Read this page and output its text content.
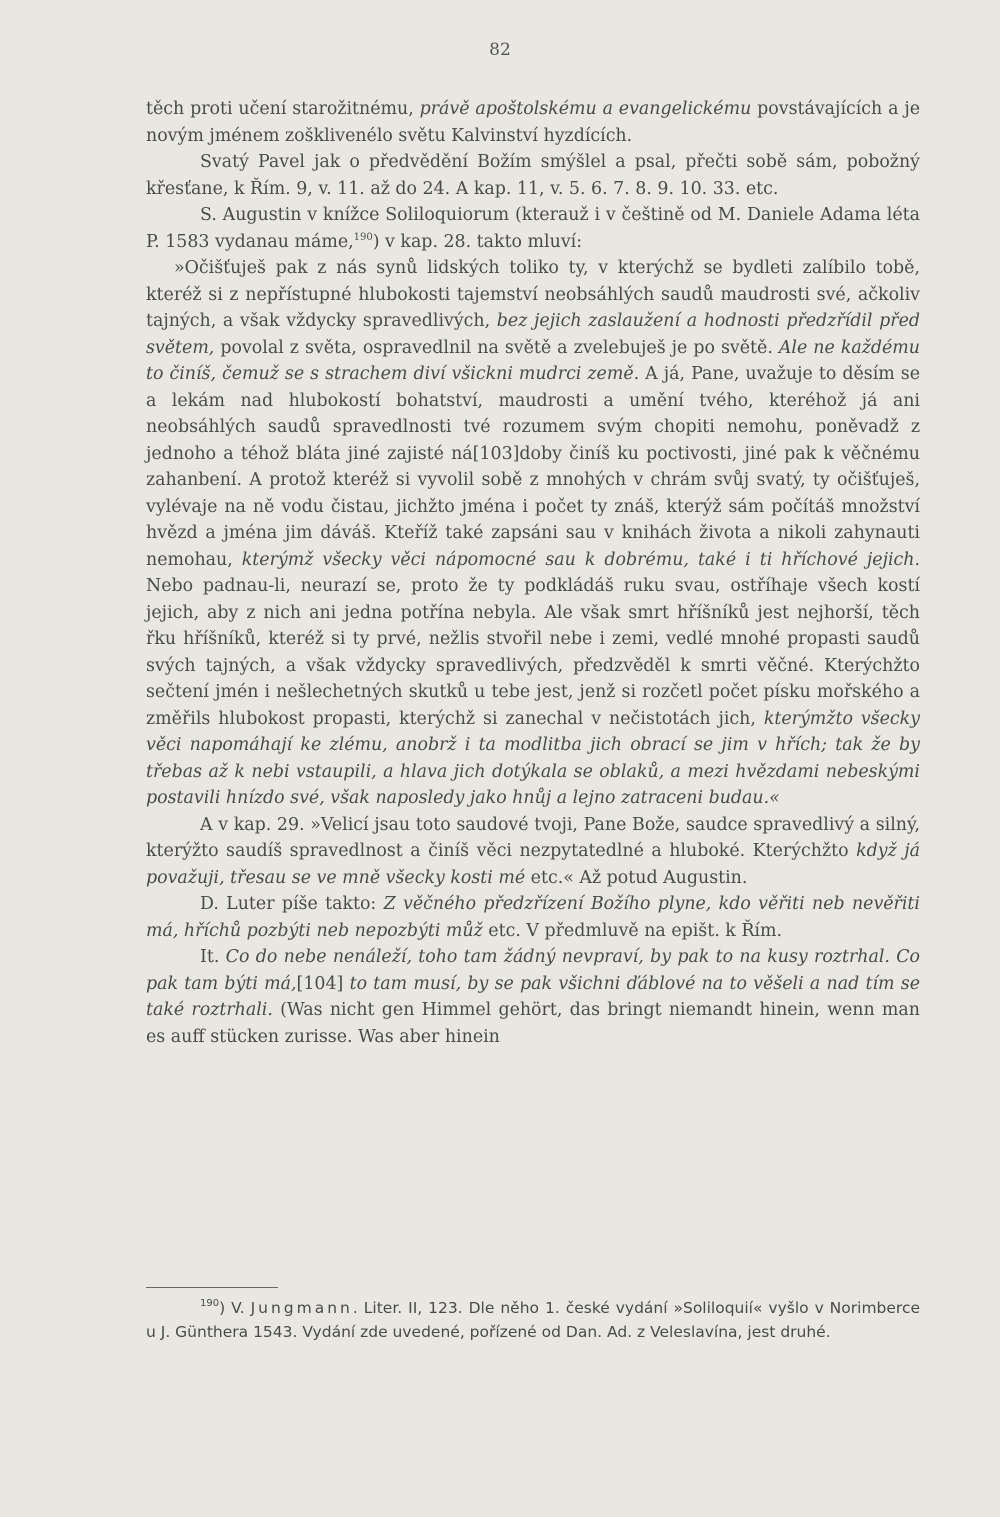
82

těch proti učení starožitnému, právě apoštolskému a evangelickému povstávajících a je novým jménem zošklivenélo světu Kalvinství hyzdících.

Svatý Pavel jak o předvědění Božím smýšlel a psal, přečti sobě sám, pobožný křesťane, k Řím. 9, v. 11. až do 24. A kap. 11, v. 5. 6. 7. 8. 9. 10. 33. etc.

S. Augustin v knížce Soliloquiorum (kterauž i v češtině od M. Daniele Adama léta P. 1583 vydanau máme,$^{190}$) v kap. 28. takto mluví:

»Očišťuješ pak z nás synů lidských toliko ty, v kterýchž se bydleti zalíbilo tobě, kteréž si z nepřístupné hlubokosti tajemství neobsáhlých saudů maudrosti své, ačkoliv tajných, a však vždycky spravedlivých, bez jejich zaslaužení a hodnosti předzřídil před světem, povolal z světa, ospravedlnil na světě a zvelebuješ je po světě. Ale ne každému to činíš, čemuž se s strachem diví všickni mudrci země. A já, Pane, uvažuje to děsím se a lekám nad hlubokostí bohatství, maudrosti a umění tvého, kteréhož já ani neobsáhlých saudů spravedlnosti tvé rozumem svým chopiti nemohu, poněvadž z jednoho a téhož bláta jiné zajisté ná[103]doby činíš ku poctivosti, jiné pak k věčnému zahanbení. A protož kteréž si vyvolil sobě z mnohých v chrám svůj svatý, ty očišťuješ, vylévaje na ně vodu čistau, jichžto jména i počet ty znáš, kterýž sám počítáš množství hvězd a jména jim dáváš. Kteříž také zapsáni sau v knihách života a nikoli zahynauti nemohau, kterýmž všecky věci nápomocné sau k dobrému, také i ti hříchové jejich. Nebo padnau-li, neurazí se, proto že ty podkládáš ruku svau, ostříhaje všech kostí jejich, aby z nich ani jedna potřína nebyla. Ale však smrt hříšníků jest nejhorší, těch řku hříšníků, kteréž si ty prvé, nežlis stvořil nebe i zemi, vedlé mnohé propasti saudů svých tajných, a však vždycky spravedlivých, předzvěděl k smrti věčné. Kterýchžto sečtení jmén i nešlechetných skutků u tebe jest, jenž si rozčetl počet písku mořského a změřils hlubokost propasti, kterýchž si zanechal v nečistotách jich, kterýmžto všecky věci napomáhají ke zlému, anobrž i ta modlitba jich obrací se jim v hřích; tak že by třebas až k nebi vstaupili, a hlava jich dotýkala se oblaků, a mezi hvězdami nebeskými postavili hnízdo své, však naposledy jako hnůj a lejno zatraceni budau.«

A v kap. 29. »Velicí jsau toto saudové tvoji, Pane Bože, saudce spravedlivý a silný, kterýžto saudíš spravedlnost a činíš věci nezpytatedlné a hluboké. Kterýchžto když já považuji, třesau se ve mně všecky kosti mé etc.« Až potud Augustin.

D. Luter píše takto: Z věčného předzřízení Božího plyne, kdo věřiti neb nevěřiti má, hříchů pozbýti neb nepozbýti můž etc. V předmluvě na epišt. k Řím.

It. Co do nebe nenáleží, toho tam žádný nevpraví, by pak to na kusy roztrhal. Co pak tam býti má,[104] to tam musí, by se pak všichni ďáblové na to věšeli a nad tím se také roztrhali. (Was nicht gen Himmel gehört, das bringt niemandt hinein, wenn man es auff stücken zurisse. Was aber hinein

$^{190}$) V. Jungmann. Liter. II, 123. Dle něho 1. české vydání »Soliloquií« vyšlo v Norimberce u J. Günthera 1543. Vydání zde uvedené, pořízené od Dan. Ad. z Veleslavína, jest druhé.
